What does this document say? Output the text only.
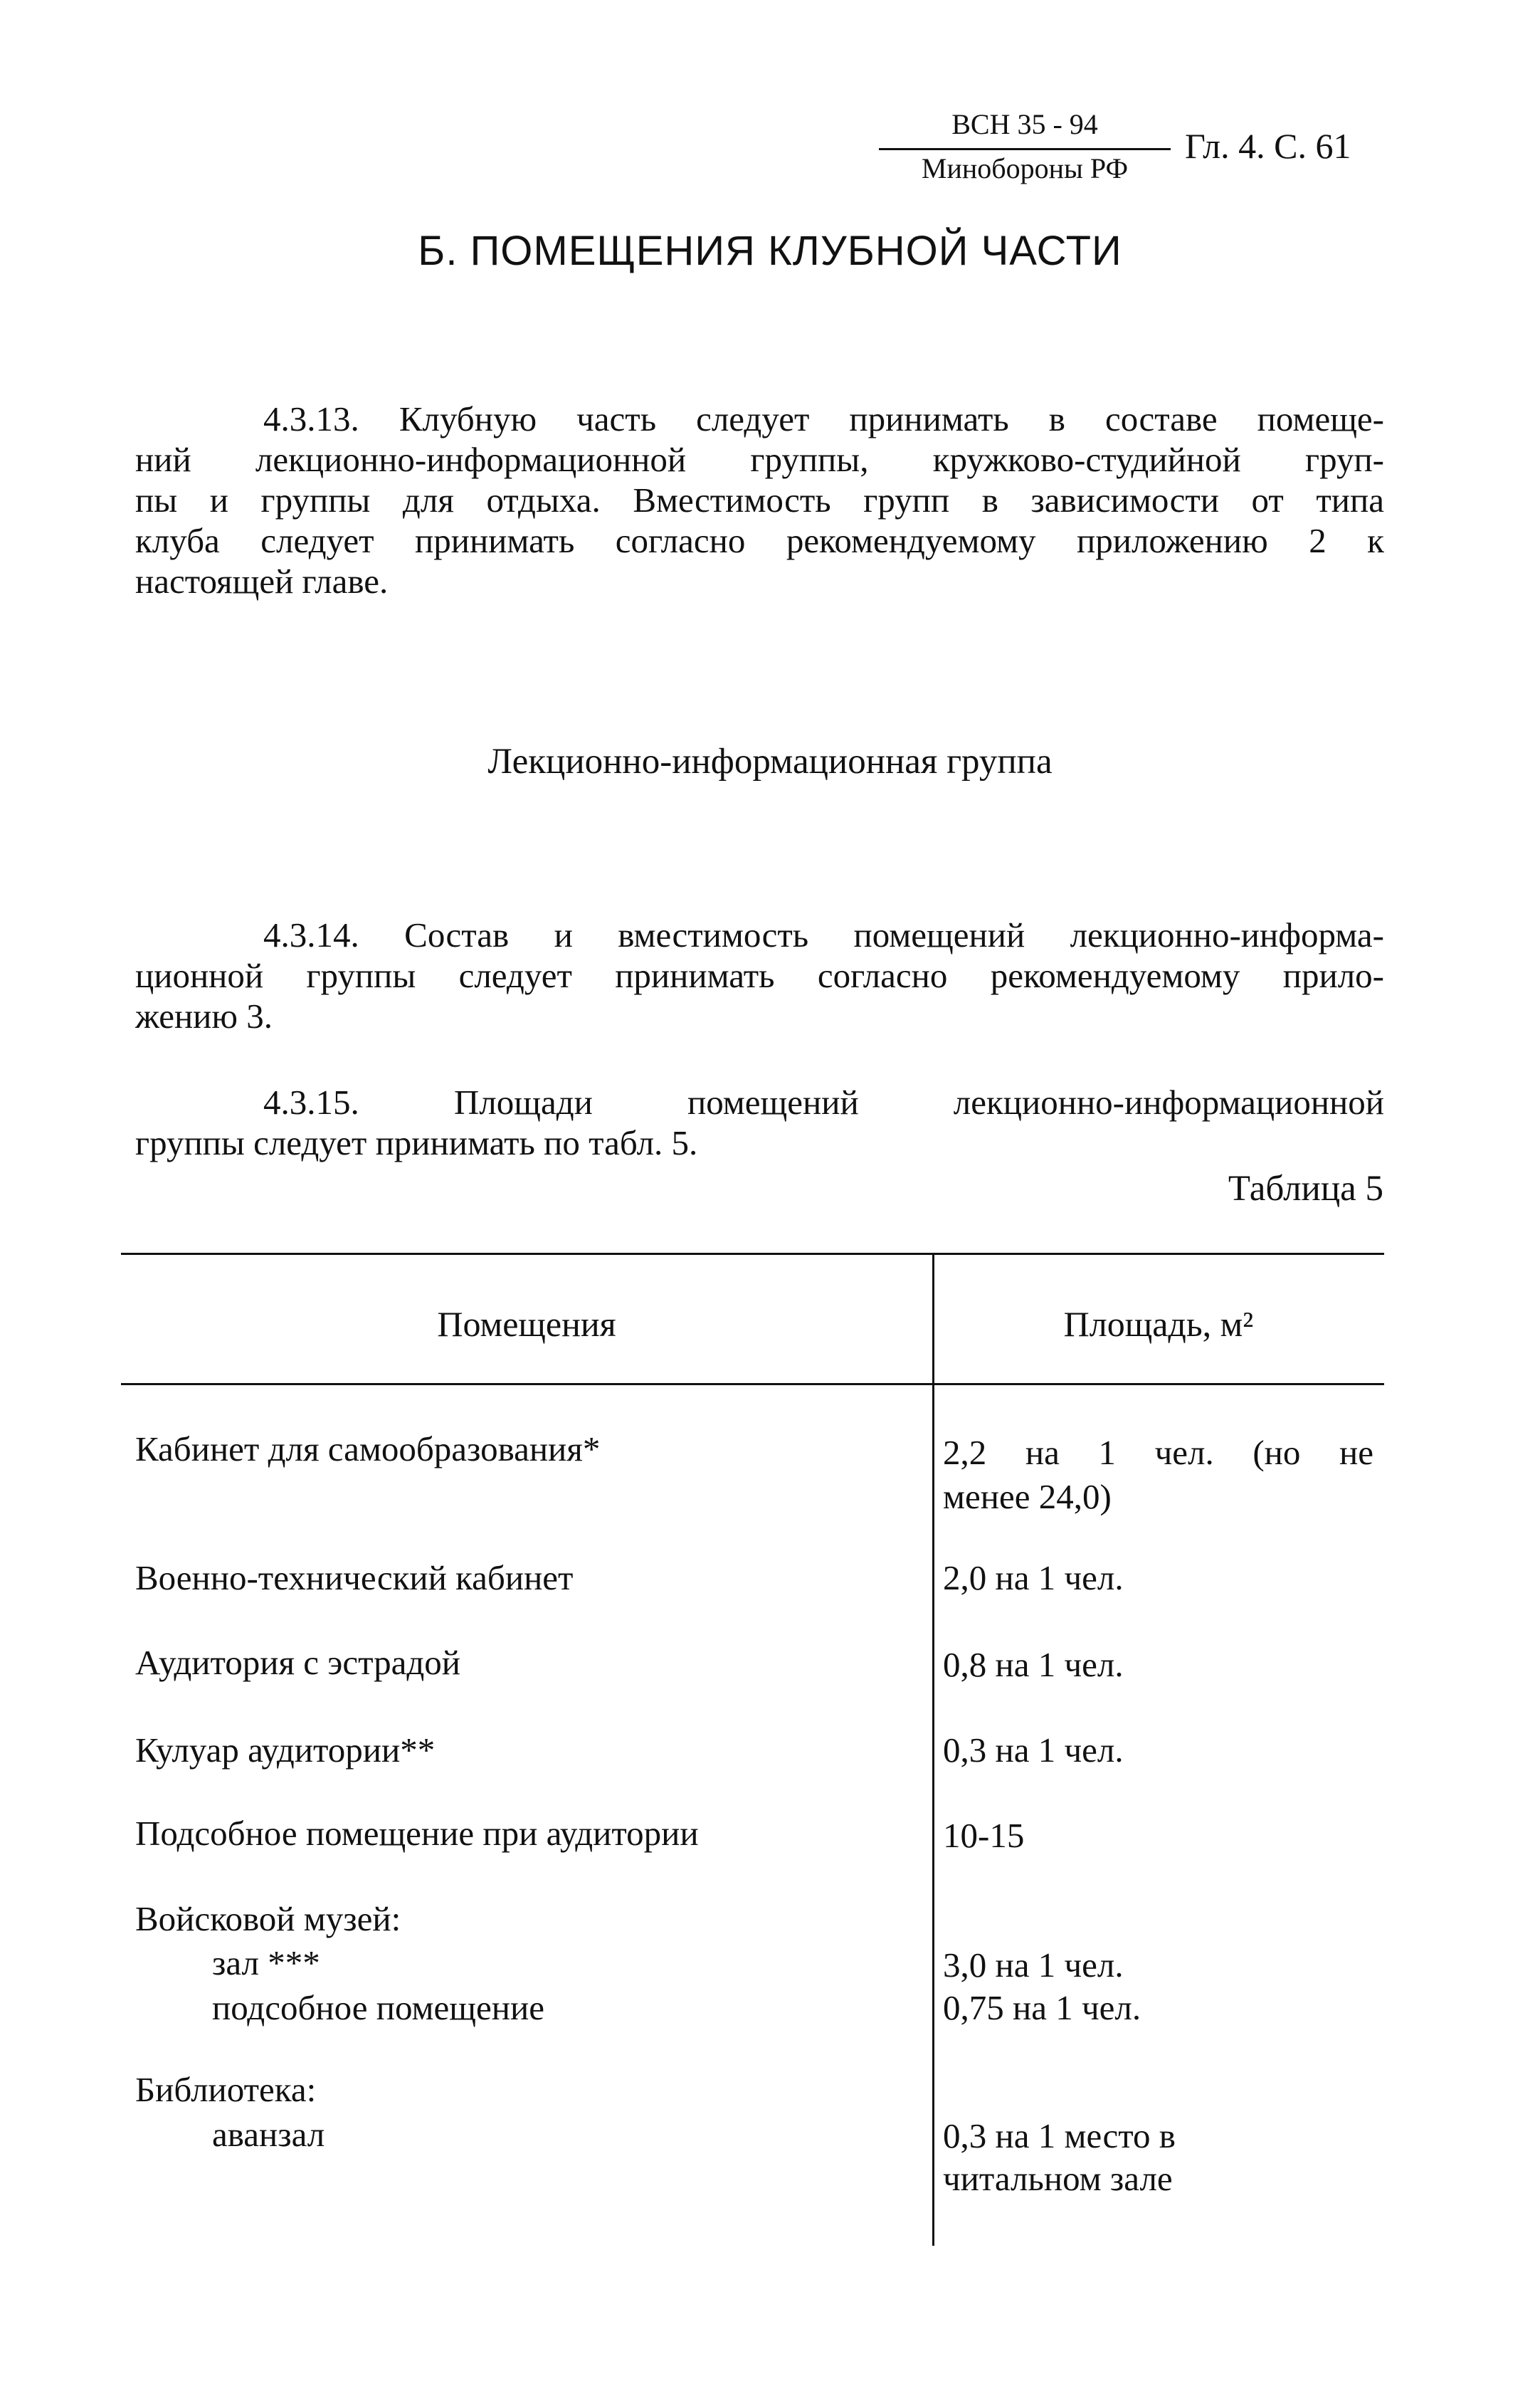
ВСН 35 - 94
Минобороны РФ
Гл. 4. С. 61
Б. ПОМЕЩЕНИЯ КЛУБНОЙ ЧАСТИ
4.3.13. Клубную часть следует принимать в составе помеще-
ний лекционно-информационной группы, кружково-студийной груп-
пы и группы для отдыха. Вместимость групп в зависимости от типа
клуба следует принимать согласно рекомендуемому приложению 2 к
настоящей главе.
Лекционно-информационная группа
4.3.14. Состав и вместимость помещений лекционно-информа-
ционной группы следует принимать согласно рекомендуемому прило-
жению 3.
4.3.15. Площади помещений лекционно-информационной
группы следует принимать по табл. 5.
Таблица 5
Помещения	Площадь, м²
Кабинет для самообразования*
Военно-технический кабинет
Аудитория с эстрадой
Кулуар аудитории**
Подсобное помещение при аудитории
Войсковой музей:
зал ***
подсобное помещение
Библиотека:
аванзал
2,2 на 1 чел. (но не
менее 24,0)
2,0 на 1 чел.
0,8 на 1 чел.
0,3 на 1 чел.
10-15
3,0 на 1 чел.
0,75 на 1 чел.
0,3 на 1 место в
читальном зале
